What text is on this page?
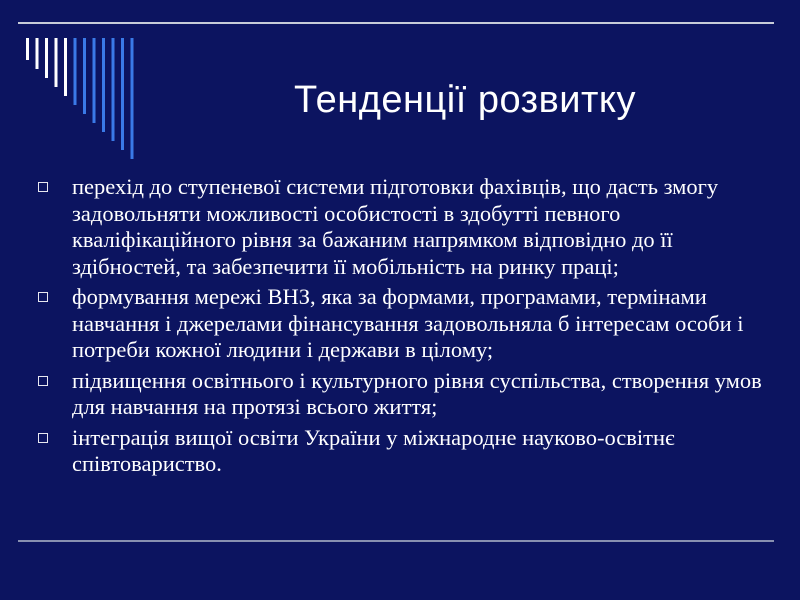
Тенденції розвитку
перехід до ступеневої системи підготовки фахівців, що дасть змогу задовольняти можливості особистості в здобутті певного кваліфікаційного рівня за бажаним напрямком відповідно до її здібностей, та забезпечити її мобільність на ринку праці;
формування мережі ВНЗ, яка за формами, програмами, термінами навчання і джерелами фінансування задовольняла б інтересам особи і потреби кожної людини і держави в цілому;
підвищення освітнього і культурного рівня суспільства, створення умов для навчання на протязі всього життя;
інтеграція вищої освіти України у міжнародне науково-освітнє співтовариство.
